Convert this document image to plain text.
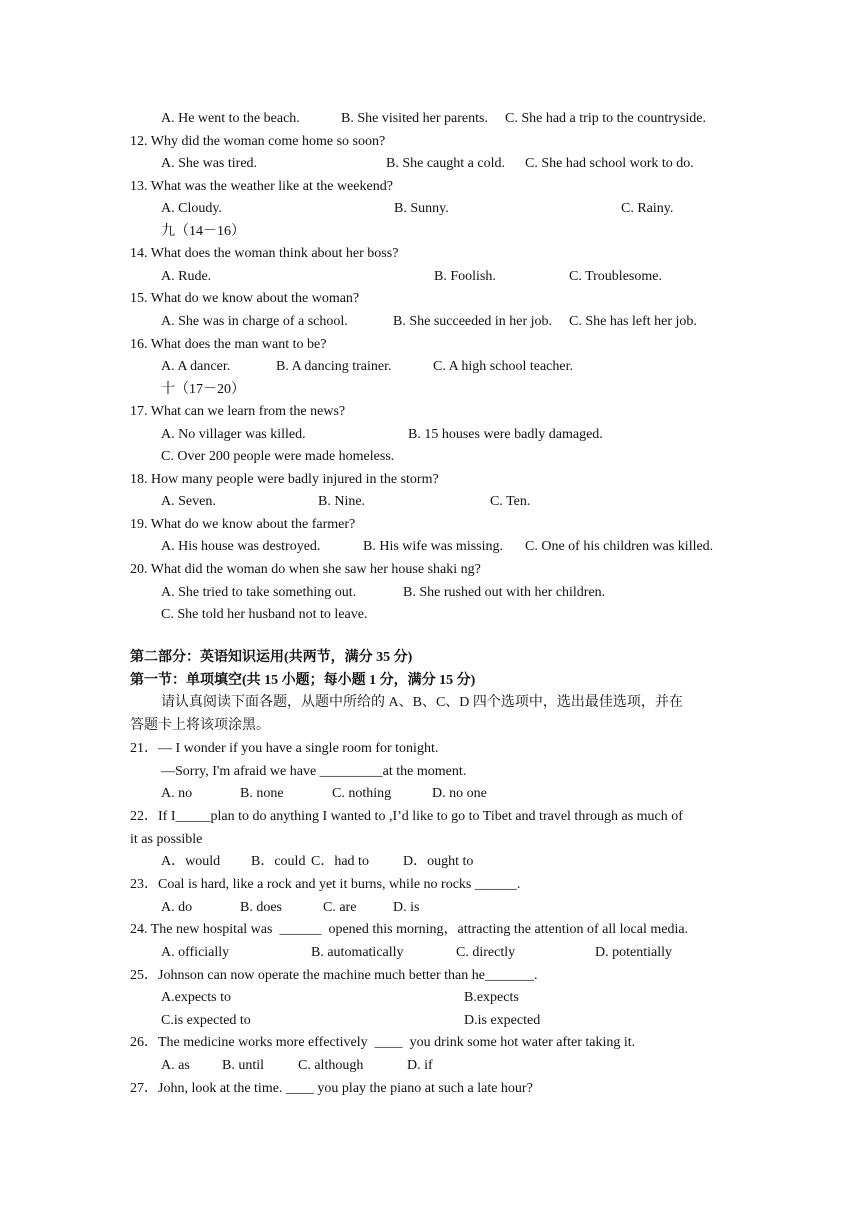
第二部分：英语知识运用(共两节，满分 35 分)
第一节：单项填空(共 15 小题；每小题 1 分，满分 15 分)
请认真阅读下面各题，从题中所给的 A、B、C、D 四个选项中，选出最佳选项，并在
答题卡上将该项涂黑。
A. He went to the beach.	B. She visited her parents. C. She had a trip to the countryside.
12. Why did the woman come home so soon?
A. She was tired.	B. She caught a cold. C. She had school work to do.
13. What was the weather like at the weekend?
A. Cloudy.	B. Sunny.	C. Rainy.
九（14－16）
14. What does the woman think about her boss?
A. Rude.	B. Foolish.	C. Troublesome.
15. What do we know about the woman?
A. She was in charge of a school.	B. She succeeded in her job. C. She has left her job.
16. What does the man want to be?
A. A dancer.	B. A dancing trainer.	C. A high school teacher.
十（17－20）
17. What can we learn from the news?
A. No villager was killed.	B. 15 houses were badly damaged.
C. Over 200 people were made homeless.
18. How many people were badly injured in the storm?
A. Seven.	B. Nine.	C. Ten.
19. What do we know about the farmer?
A. His house was destroyed.	B. His wife was missing. C. One of his children was killed.
20. What did the woman do when she saw her house shaki ng?
A. She tried to take something out.	B. She rushed out with her children.
C. She told her husband not to leave.
21．— I wonder if you have a single room for tonight.
—Sorry, I'm afraid we have _________at the moment.
A. no	B. none	C. nothing	D. no one
22．If I_____plan to do anything I wanted to ,I’d like to go to Tibet and travel through as much of
it as possible
A．would B．could C．had to D．ought to
23．Coal is hard, like a rock and yet it burns, while no rocks ______.
A. do	B. does	C. are	D. is
24. The new hospital was  ______  opened this morning，attracting the attention of all local media.
A. officially	B. automatically	C. directly	D. potentially
25．Johnson can now operate the machine much better than he_______.
A.expects to	B.expects
C.is expected to	D.is expected
26．The medicine works more effectively  ____  you drink some hot water after taking it.
A. as B. until C. although	D. if
27．John, look at the time. ____ you play the piano at such a late hour?
